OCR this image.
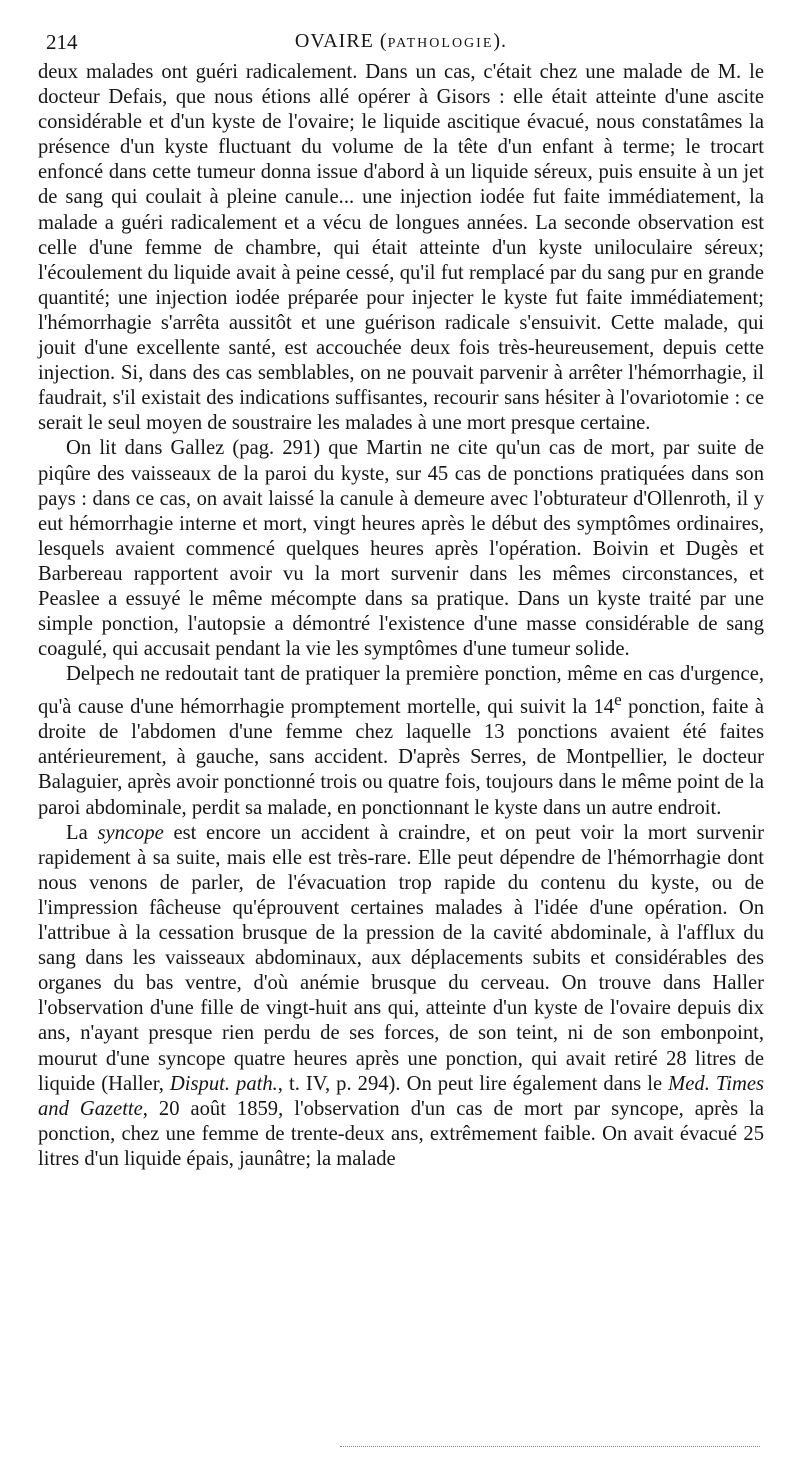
214	OVAIRE (PATHOLOGIE).

deux malades ont guéri radicalement. Dans un cas, c'était chez une malade de M. le docteur Defais, que nous étions allé opérer à Gisors : elle était atteinte d'une ascite considérable et d'un kyste de l'ovaire; le liquide ascitique évacué, nous constatâmes la présence d'un kyste fluctuant du volume de la tête d'un enfant à terme; le trocart enfoncé dans cette tumeur donna issue d'abord à un liquide séreux, puis ensuite à un jet de sang qui coulait à pleine canule... une injection iodée fut faite immédiatement, la malade a guéri radicalement et a vécu de longues années. La seconde observation est celle d'une femme de chambre, qui était atteinte d'un kyste uniloculaire séreux; l'écoulement du liquide avait à peine cessé, qu'il fut remplacé par du sang pur en grande quantité; une injection iodée préparée pour injecter le kyste fut faite immédiatement; l'hémorrhagie s'arrêta aussitôt et une guérison radicale s'ensuivit. Cette malade, qui jouit d'une excellente santé, est accouchée deux fois très-heureusement, depuis cette injection. Si, dans des cas semblables, on ne pouvait parvenir à arrêter l'hémorrhagie, il faudrait, s'il existait des indications suffisantes, recourir sans hésiter à l'ovariotomie : ce serait le seul moyen de soustraire les malades à une mort presque certaine.

On lit dans Gallez (pag. 291) que Martin ne cite qu'un cas de mort, par suite de piqûre des vaisseaux de la paroi du kyste, sur 45 cas de ponctions pratiquées dans son pays : dans ce cas, on avait laissé la canule à demeure avec l'obturateur d'Ollenroth, il y eut hémorrhagie interne et mort, vingt heures après le début des symptômes ordinaires, lesquels avaient commencé quelques heures après l'opération. Boivin et Dugès et Barbereau rapportent avoir vu la mort survenir dans les mêmes circonstances, et Peaslee a essuyé le même mécompte dans sa pratique. Dans un kyste traité par une simple ponction, l'autopsie a démontré l'existence d'une masse considérable de sang coagulé, qui accusait pendant la vie les symptômes d'une tumeur solide.

Delpech ne redoutait tant de pratiquer la première ponction, même en cas d'urgence, qu'à cause d'une hémorrhagie promptement mortelle, qui suivit la 14e ponction, faite à droite de l'abdomen d'une femme chez laquelle 13 ponctions avaient été faites antérieurement, à gauche, sans accident. D'après Serres, de Montpellier, le docteur Balaguier, après avoir ponctionné trois ou quatre fois, toujours dans le même point de la paroi abdominale, perdit sa malade, en ponctionnant le kyste dans un autre endroit.

La syncope est encore un accident à craindre, et on peut voir la mort survenir rapidement à sa suite, mais elle est très-rare. Elle peut dépendre de l'hémorrhagie dont nous venons de parler, de l'évacuation trop rapide du contenu du kyste, ou de l'impression fâcheuse qu'éprouvent certaines malades à l'idée d'une opération. On l'attribue à la cessation brusque de la pression de la cavité abdominale, à l'afflux du sang dans les vaisseaux abdominaux, aux déplacements subits et considérables des organes du bas ventre, d'où anémie brusque du cerveau. On trouve dans Haller l'observation d'une fille de vingt-huit ans qui, atteinte d'un kyste de l'ovaire depuis dix ans, n'ayant presque rien perdu de ses forces, de son teint, ni de son embonpoint, mourut d'une syncope quatre heures après une ponction, qui avait retiré 28 litres de liquide (Haller, Disput. path., t. IV, p. 294). On peut lire également dans le Med. Times and Gazette, 20 août 1859, l'observation d'un cas de mort par syncope, après la ponction, chez une femme de trente-deux ans, extrêmement faible. On avait évacué 25 litres d'un liquide épais, jaunâtre; la malade
